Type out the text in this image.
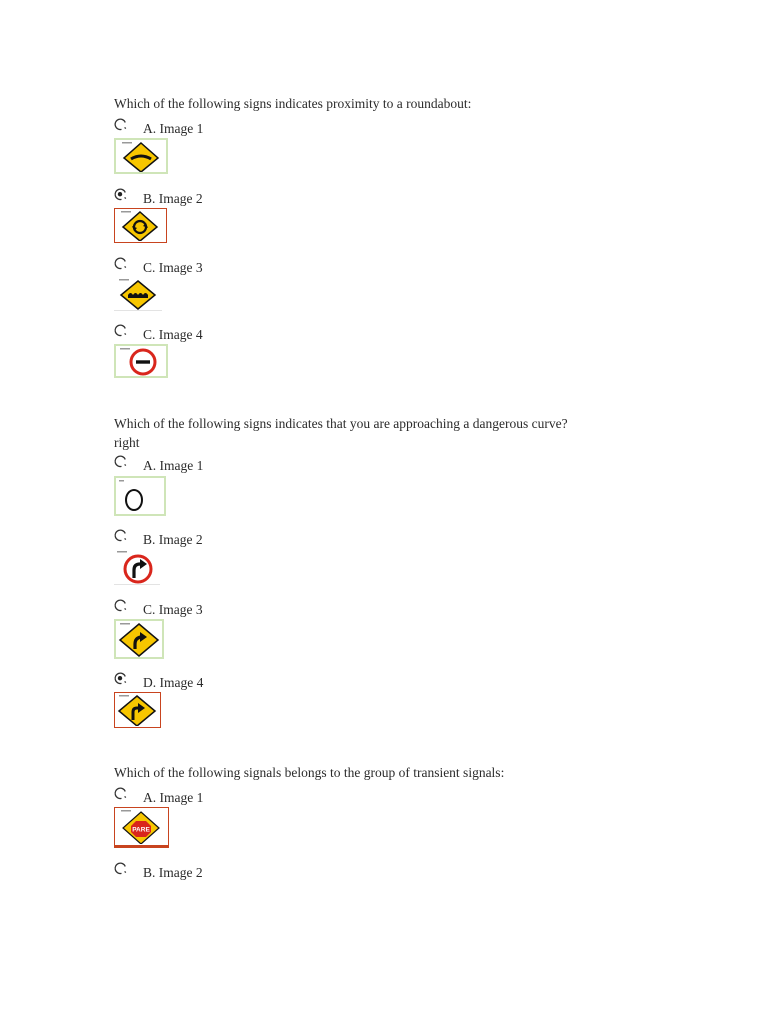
Which of the following signs indicates proximity to a roundabout:

A. Image 1
B. Image 2
C. Image 3
C. Image 4

Which of the following signs indicates that you are approaching a dangerous curve?
right

A. Image 1
B. Image 2
C. Image 3
D. Image 4

Which of the following signals belongs to the group of transient signals:

A. Image 1
PARE
B. Image 2
